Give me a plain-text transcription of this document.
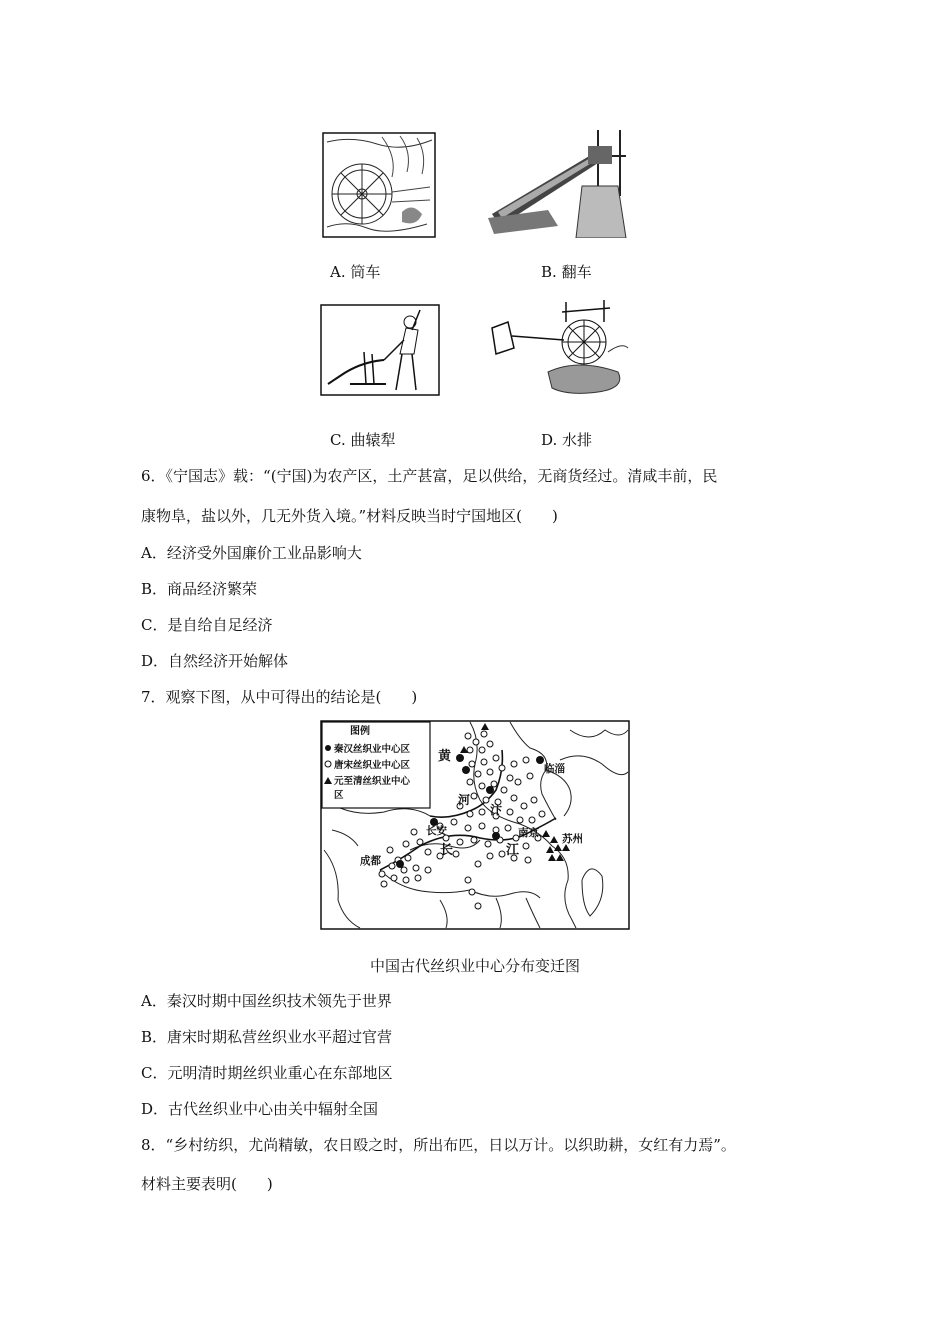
A. 筒车	B. 翻车
C. 曲辕犁	D. 水排
6．《宁国志》载：“(宁国)为农产区，土产甚富，足以供给，无商货经过。清咸丰前，民
康物阜，盐以外，几无外货入境。”材料反映当时宁国地区(　　)
A．经济受外国廉价工业品影响大
B．商品经济繁荣
C．是自给自足经济
D．自然经济开始解体
7．观察下图，从中可得出的结论是(　　)
图例
秦汉丝织业中心区
唐宋丝织业中心区
元至清丝织业中心
区
黄
河
汴
临淄
长安	南京 苏州
成都
长	江
中国古代丝织业中心分布变迁图
A．秦汉时期中国丝织技术领先于世界
B．唐宋时期私营丝织业水平超过官营
C．元明清时期丝织业重心在东部地区
D．古代丝织业中心由关中辐射全国
8．“乡村纺织，尤尚精敏，农日殴之时，所出布匹，日以万计。以织助耕，女红有力焉”。
材料主要表明(　　)
